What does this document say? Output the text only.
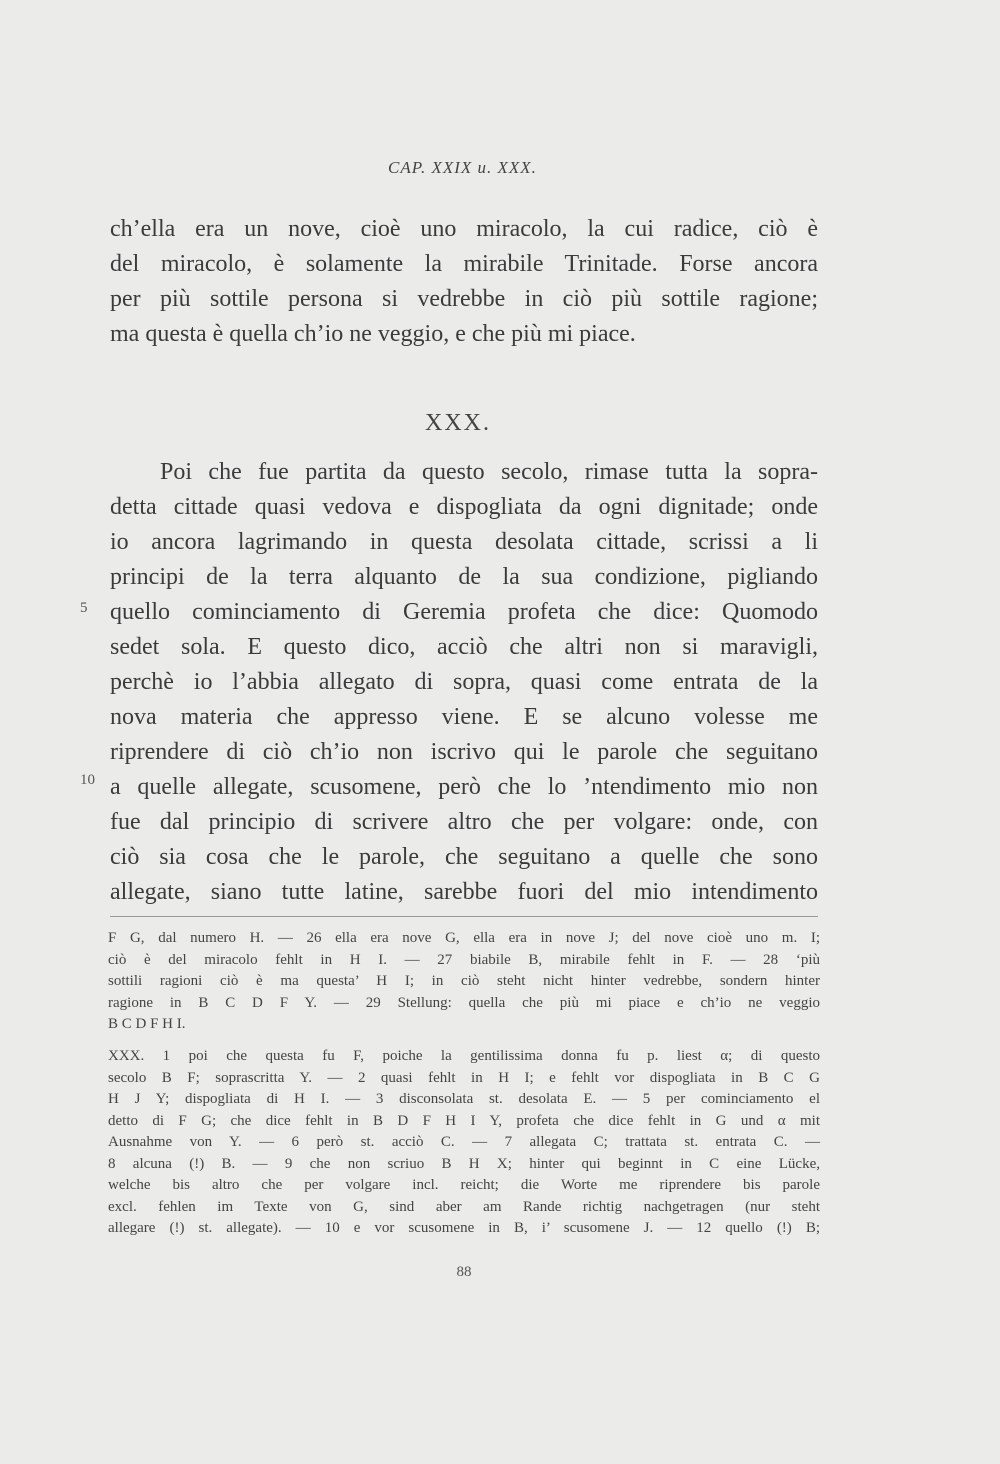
CAP. XXIX u. XXX.
ch’ella era un nove, cioè uno miracolo, la cui radice, ciò è
del miracolo, è solamente la mirabile Trinitade. Forse ancora
per più sottile persona si vedrebbe in ciò più sottile ragione;
ma questa è quella ch’io ne veggio, e che più mi piace.
XXX.
Poi che fue partita da questo secolo, rimase tutta la sopra-
detta cittade quasi vedova e dispogliata da ogni dignitade; onde
io ancora lagrimando in questa desolata cittade, scrissi a li
principi de la terra alquanto de la sua condizione, pigliando
quello cominciamento di Geremia profeta che dice: Quomodo
sedet sola. E questo dico, acciò che altri non si maravigli,
perchè io l’abbia allegato di sopra, quasi come entrata de la
nova materia che appresso viene. E se alcuno volesse me
riprendere di ciò ch’io non iscrivo qui le parole che seguitano
a quelle allegate, scusomene, però che lo ’ntendimento mio non
fue dal principio di scrivere altro che per volgare: onde, con
ciò sia cosa che le parole, che seguitano a quelle che sono
allegate, siano tutte latine, sarebbe fuori del mio intendimento
5
10
F G, dal numero H. — 26 ella era nove G, ella era in nove J; del nove cioè uno m. I;
ciò è del miracolo fehlt in H I. — 27 biabile B, mirabile fehlt in F. — 28 ‘più
sottili ragioni ciò è ma questa’ H I; in ciò steht nicht hinter vedrebbe, sondern hinter
ragione in B C D F Y. — 29 Stellung: quella che più mi piace e ch’io ne veggio
B C D F H I.
XXX. 1 poi che questa fu F, poiche la gentilissima donna fu p. liest α; di questo
secolo B F; soprascritta Y. — 2 quasi fehlt in H I; e fehlt vor dispogliata in B C G
H J Y; dispogliata di H I. — 3 disconsolata st. desolata E. — 5 per cominciamento el
detto di F G; che dice fehlt in B D F H I Y, profeta che dice fehlt in G und α mit
Ausnahme von Y. — 6 però st. acciò C. — 7 allegata C; trattata st. entrata C. —
8 alcuna (!) B. — 9 che non scriuo B H X; hinter qui beginnt in C eine Lücke,
welche bis altro che per volgare incl. reicht; die Worte me riprendere bis parole
excl. fehlen im Texte von G, sind aber am Rande richtig nachgetragen (nur steht
allegare (!) st. allegate). — 10 e vor scusomene in B, i’ scusomene J. — 12 quello (!) B;
88
